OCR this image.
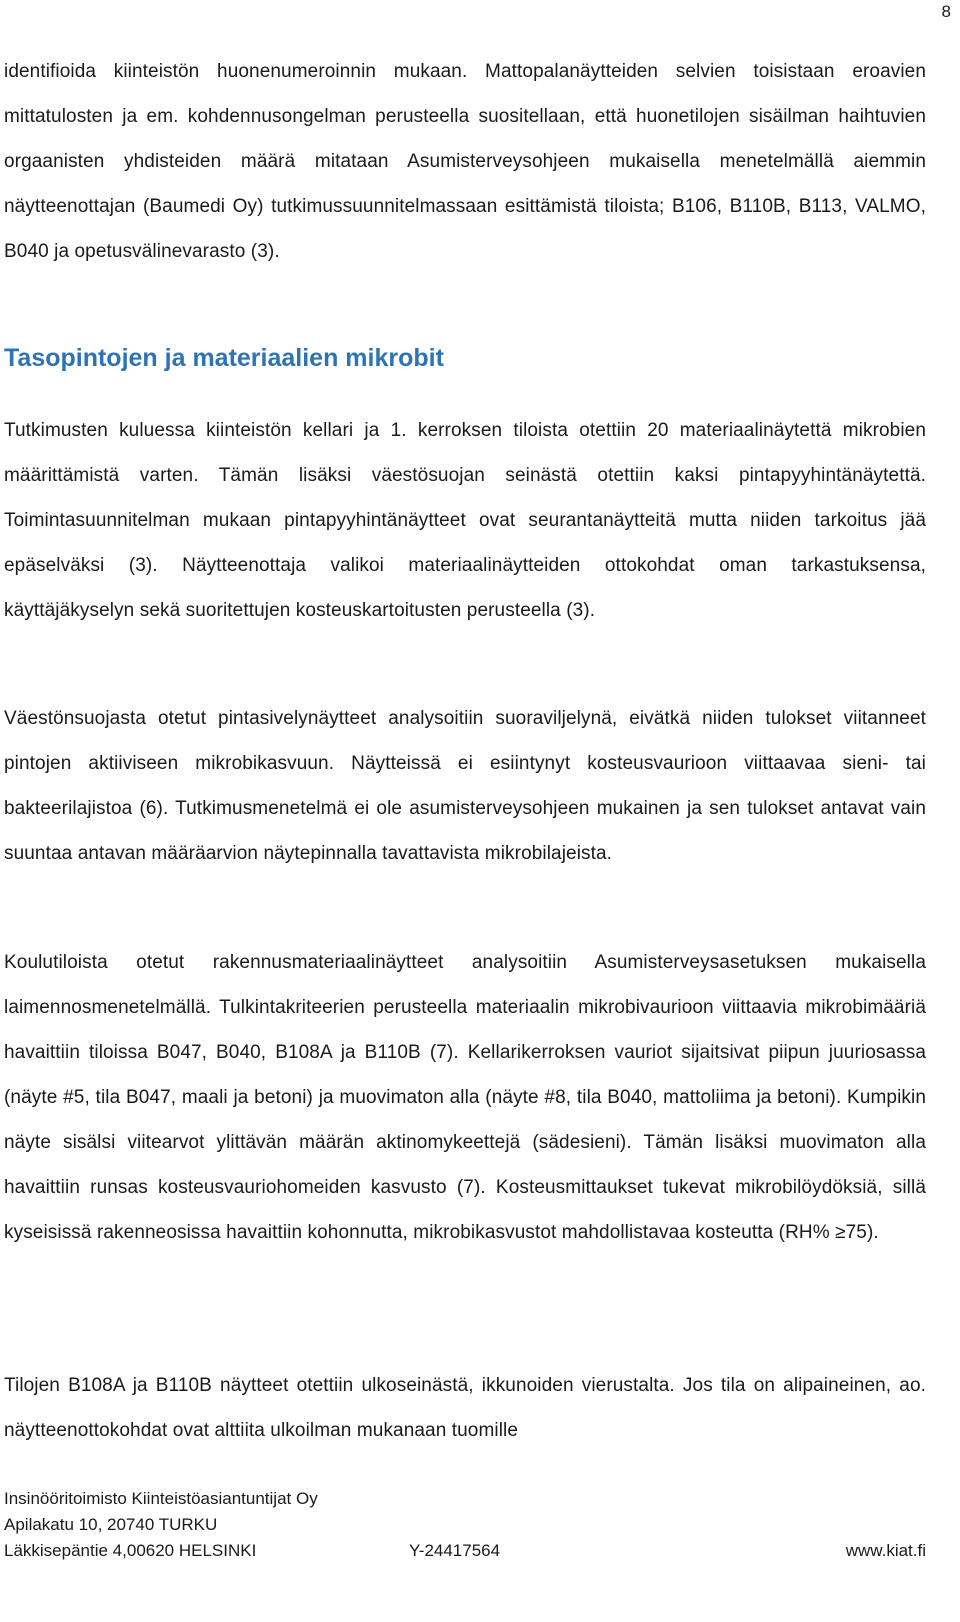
8

identifioida kiinteistön huonenumeroinnin mukaan. Mattopalanäytteiden selvien toisistaan eroavien mittatulosten ja em. kohdennusongelman perusteella suositellaan, että huonetilojen sisäilman haihtuvien orgaanisten yhdisteiden määrä mitataan Asumisterveysohjeen mukaisella menetelmällä aiemmin näytteenottajan (Baumedi Oy) tutkimussuunnitelmassaan esittämistä tiloista; B106, B110B, B113, VALMO, B040 ja opetusvälinevarasto (3).

Tasopintojen ja materiaalien mikrobit

Tutkimusten kuluessa kiinteistön kellari ja 1. kerroksen tiloista otettiin 20 materiaalinäytettä mikrobien määrittämistä varten. Tämän lisäksi väestösuojan seinästä otettiin kaksi pintapyyhintänäytettä. Toimintasuunnitelman mukaan pintapyyhintänäytteet ovat seurantanäytteitä mutta niiden tarkoitus jää epäselväksi (3). Näytteenottaja valikoi materiaalinäytteiden ottokohdat oman tarkastuksensa, käyttäjäkyselyn sekä suoritettujen kosteuskartoitusten perusteella (3).

Väestönsuojasta otetut pintasivelynäytteet analysoitiin suoraviljelynä, eivätkä niiden tulokset viitanneet pintojen aktiiviseen mikrobikasvuun. Näytteissä ei esiintynyt kosteusvaurioon viittaavaa sieni- tai bakteerilajistoa (6). Tutkimusmenetelmä ei ole asumisterveysohjeen mukainen ja sen tulokset antavat vain suuntaa antavan määräarvion näytepinnalla tavattavista mikrobilajeista.

Koulutiloista otetut rakennusmateriaalinäytteet analysoitiin Asumisterveysasetuksen mukaisella laimennosmenetelmällä. Tulkintakriteerien perusteella materiaalin mikrobivaurioon viittaavia mikrobimääriä havaittiin tiloissa B047, B040, B108A ja B110B (7). Kellarikerroksen vauriot sijaitsivat piipun juuriosassa (näyte #5, tila B047, maali ja betoni) ja muovimaton alla (näyte #8, tila B040, mattoliima ja betoni). Kumpikin näyte sisälsi viitearvot ylittävän määrän aktinomykeettejä (sädesieni). Tämän lisäksi muovimaton alla havaittiin runsas kosteusvauriohomeiden kasvusto (7). Kosteusmittaukset tukevat mikrobilöydöksiä, sillä kyseisissä rakenneosissa havaittiin kohonnutta, mikrobikasvustot mahdollistavaa kosteutta (RH% ≥75).

Tilojen B108A ja B110B näytteet otettiin ulkoseinästä, ikkunoiden vierustalta. Jos tila on alipaineinen, ao. näytteenottokohdat ovat alttiita ulkoilman mukanaan tuomille

Insinööritoimisto Kiinteistöasiantuntijat Oy
Apilakatu 10, 20740 TURKU
Läkkisepäntie 4,00620 HELSINKI	Y-24417564	www.kiat.fi
